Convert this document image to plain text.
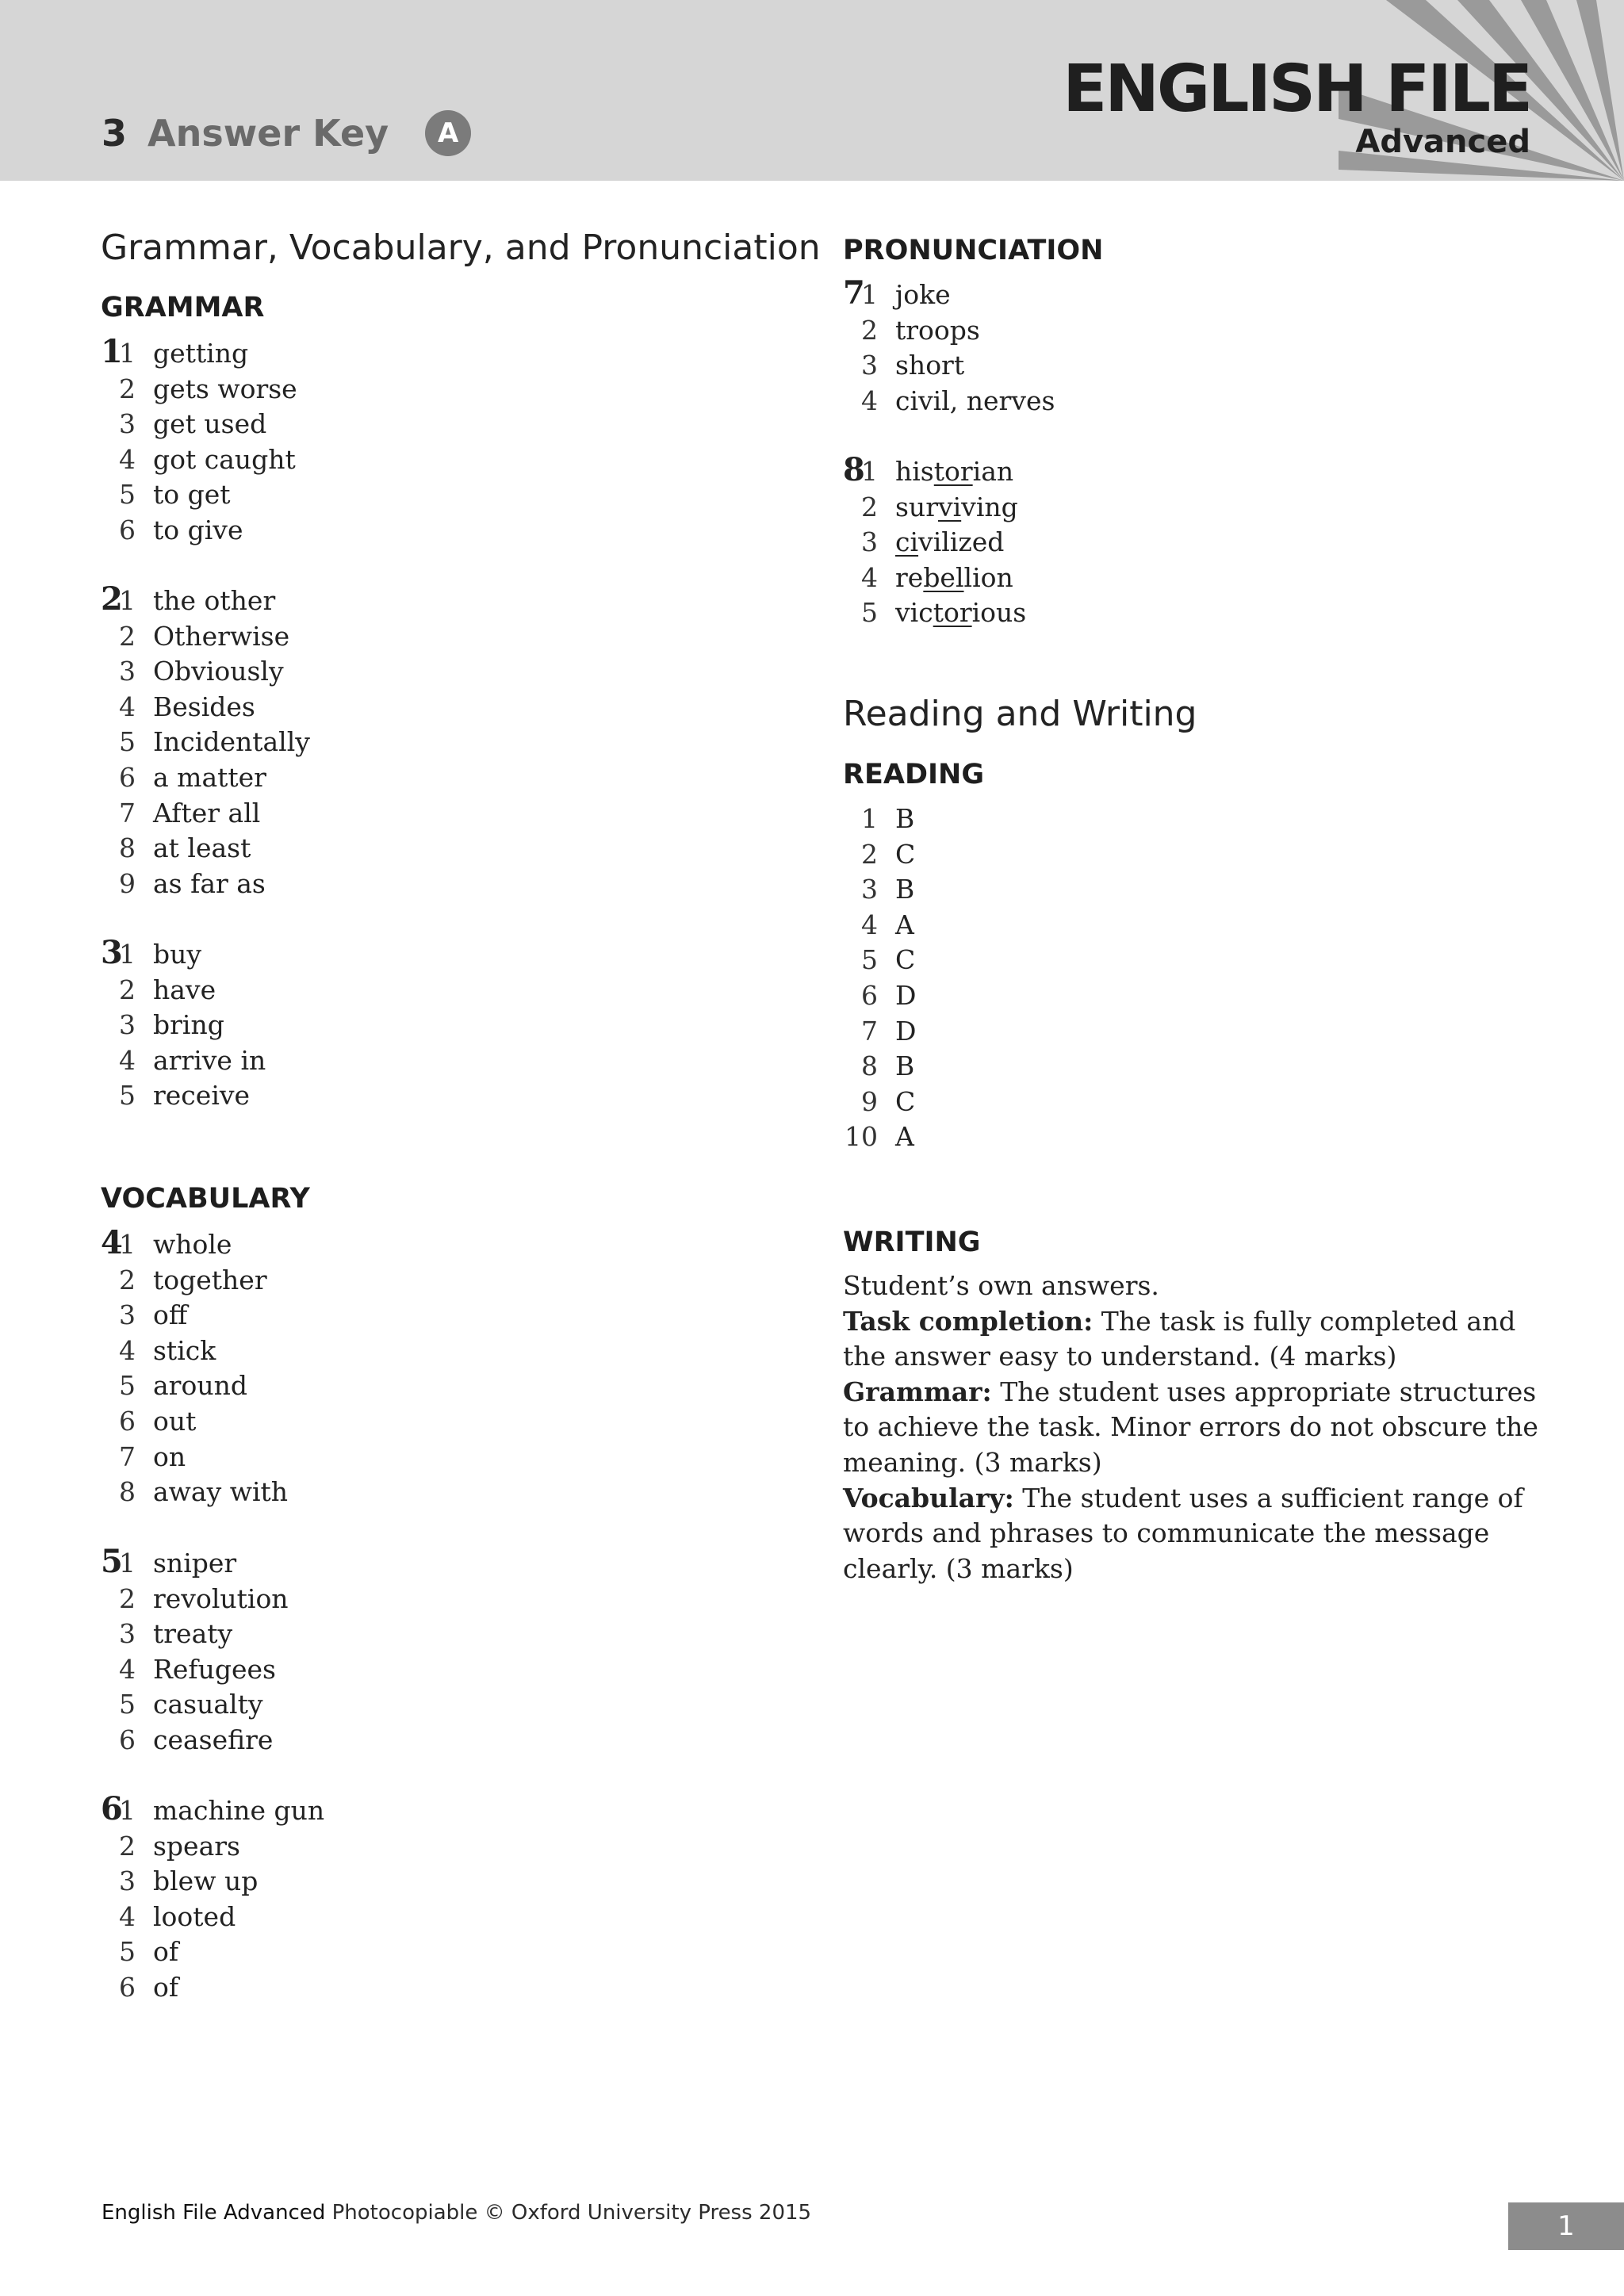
3 Answer Key	A
ENGLISH FILE
Advanced
Grammar, Vocabulary, and Pronunciation
GRAMMAR
1
1 getting
2 gets worse
3 get used
4 got caught
5 to get
6 to give
2
1 the other
2 Otherwise
3 Obviously
4 Besides
5 Incidentally
6 a matter
7 After all
8 at least
9 as far as
3
1 buy
2 have
3 bring
4 arrive in
5 receive
VOCABULARY
4
1 whole
2 together
3 off
4 stick
5 around
6 out
7 on
8 away with
5
1 sniper
2 revolution
3 treaty
4 Refugees
5 casualty
6 ceasefire
6
1 machine gun
2 spears
3 blew up
4 looted
5 of
6 of
PRONUNCIATION
7
1 joke
2 troops
3 short
4 civil, nerves
8
1 historian
2 surviving
3 civilized
4 rebellion
5 victorious
Reading and Writing
READING
1 B
2 C
3 B
4 A
5 C
6 D
7 D
8 B
9 C
10 A
WRITING
Student’s own answers.
Task completion: The task is fully completed and the answer easy to understand. (4 marks)
Grammar: The student uses appropriate structures to achieve the task. Minor errors do not obscure the meaning. (3 marks)
Vocabulary: The student uses a sufficient range of words and phrases to communicate the message clearly. (3 marks)
English File Advanced Photocopiable © Oxford University Press 2015	1
